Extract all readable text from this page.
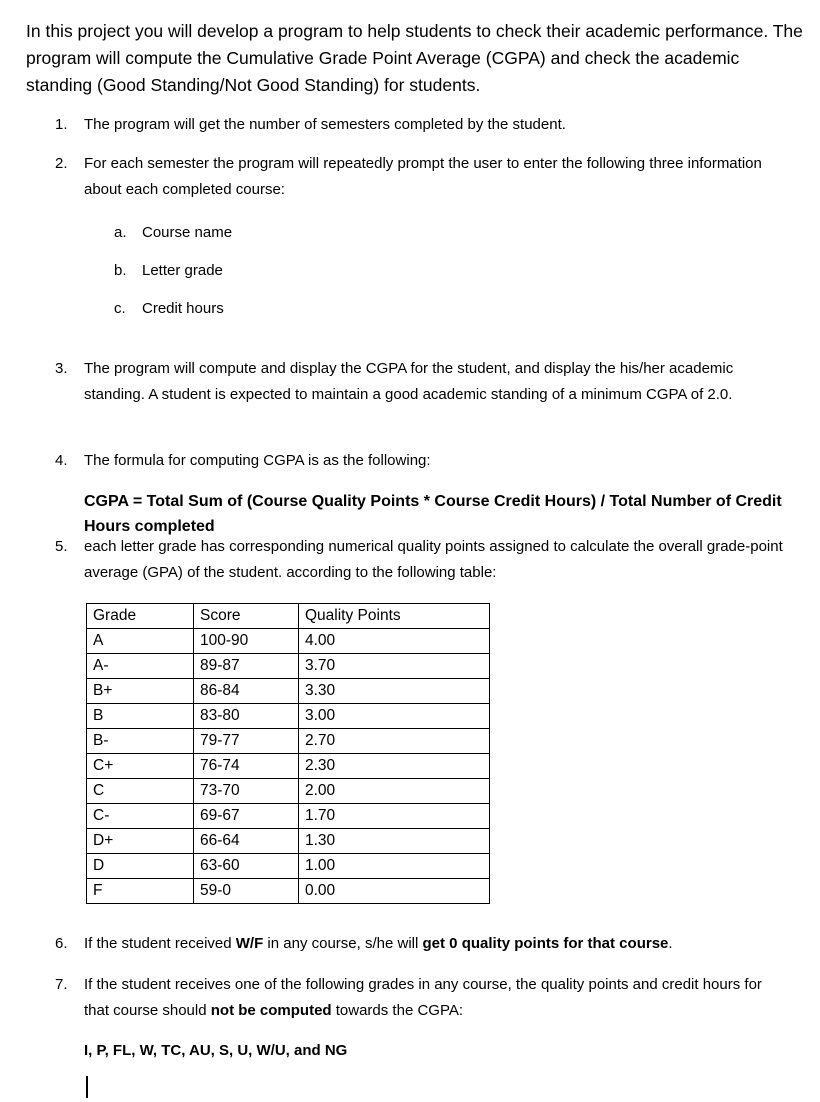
In this project you will develop a program to help students to check their academic performance. The program will compute the Cumulative Grade Point Average (CGPA) and check the academic standing (Good Standing/Not Good Standing) for students.
1. The program will get the number of semesters completed by the student.
2. For each semester the program will repeatedly prompt the user to enter the following three information about each completed course:
a. Course name
b. Letter grade
c. Credit hours
3. The program will compute and display the CGPA for the student, and display the his/her academic standing. A student is expected to maintain a good academic standing of a minimum CGPA of 2.0.
4. The formula for computing CGPA is as the following:
CGPA = Total Sum of (Course Quality Points * Course Credit Hours) / Total Number of Credit Hours completed
5. each letter grade has corresponding numerical quality points assigned to calculate the overall grade-point average (GPA) of the student. according to the following table:
Grade	Score	Quality Points
A	100-90	4.00
A-	89-87	3.70
B+	86-84	3.30
B	83-80	3.00
B-	79-77	2.70
C+	76-74	2.30
C	73-70	2.00
C-	69-67	1.70
D+	66-64	1.30
D	63-60	1.00
F	59-0	0.00
6. If the student received W/F in any course, s/he will get 0 quality points for that course.
7. If the student receives one of the following grades in any course, the quality points and credit hours for that course should not be computed towards the CGPA:
I, P, FL, W, TC, AU, S, U, W/U, and NG
